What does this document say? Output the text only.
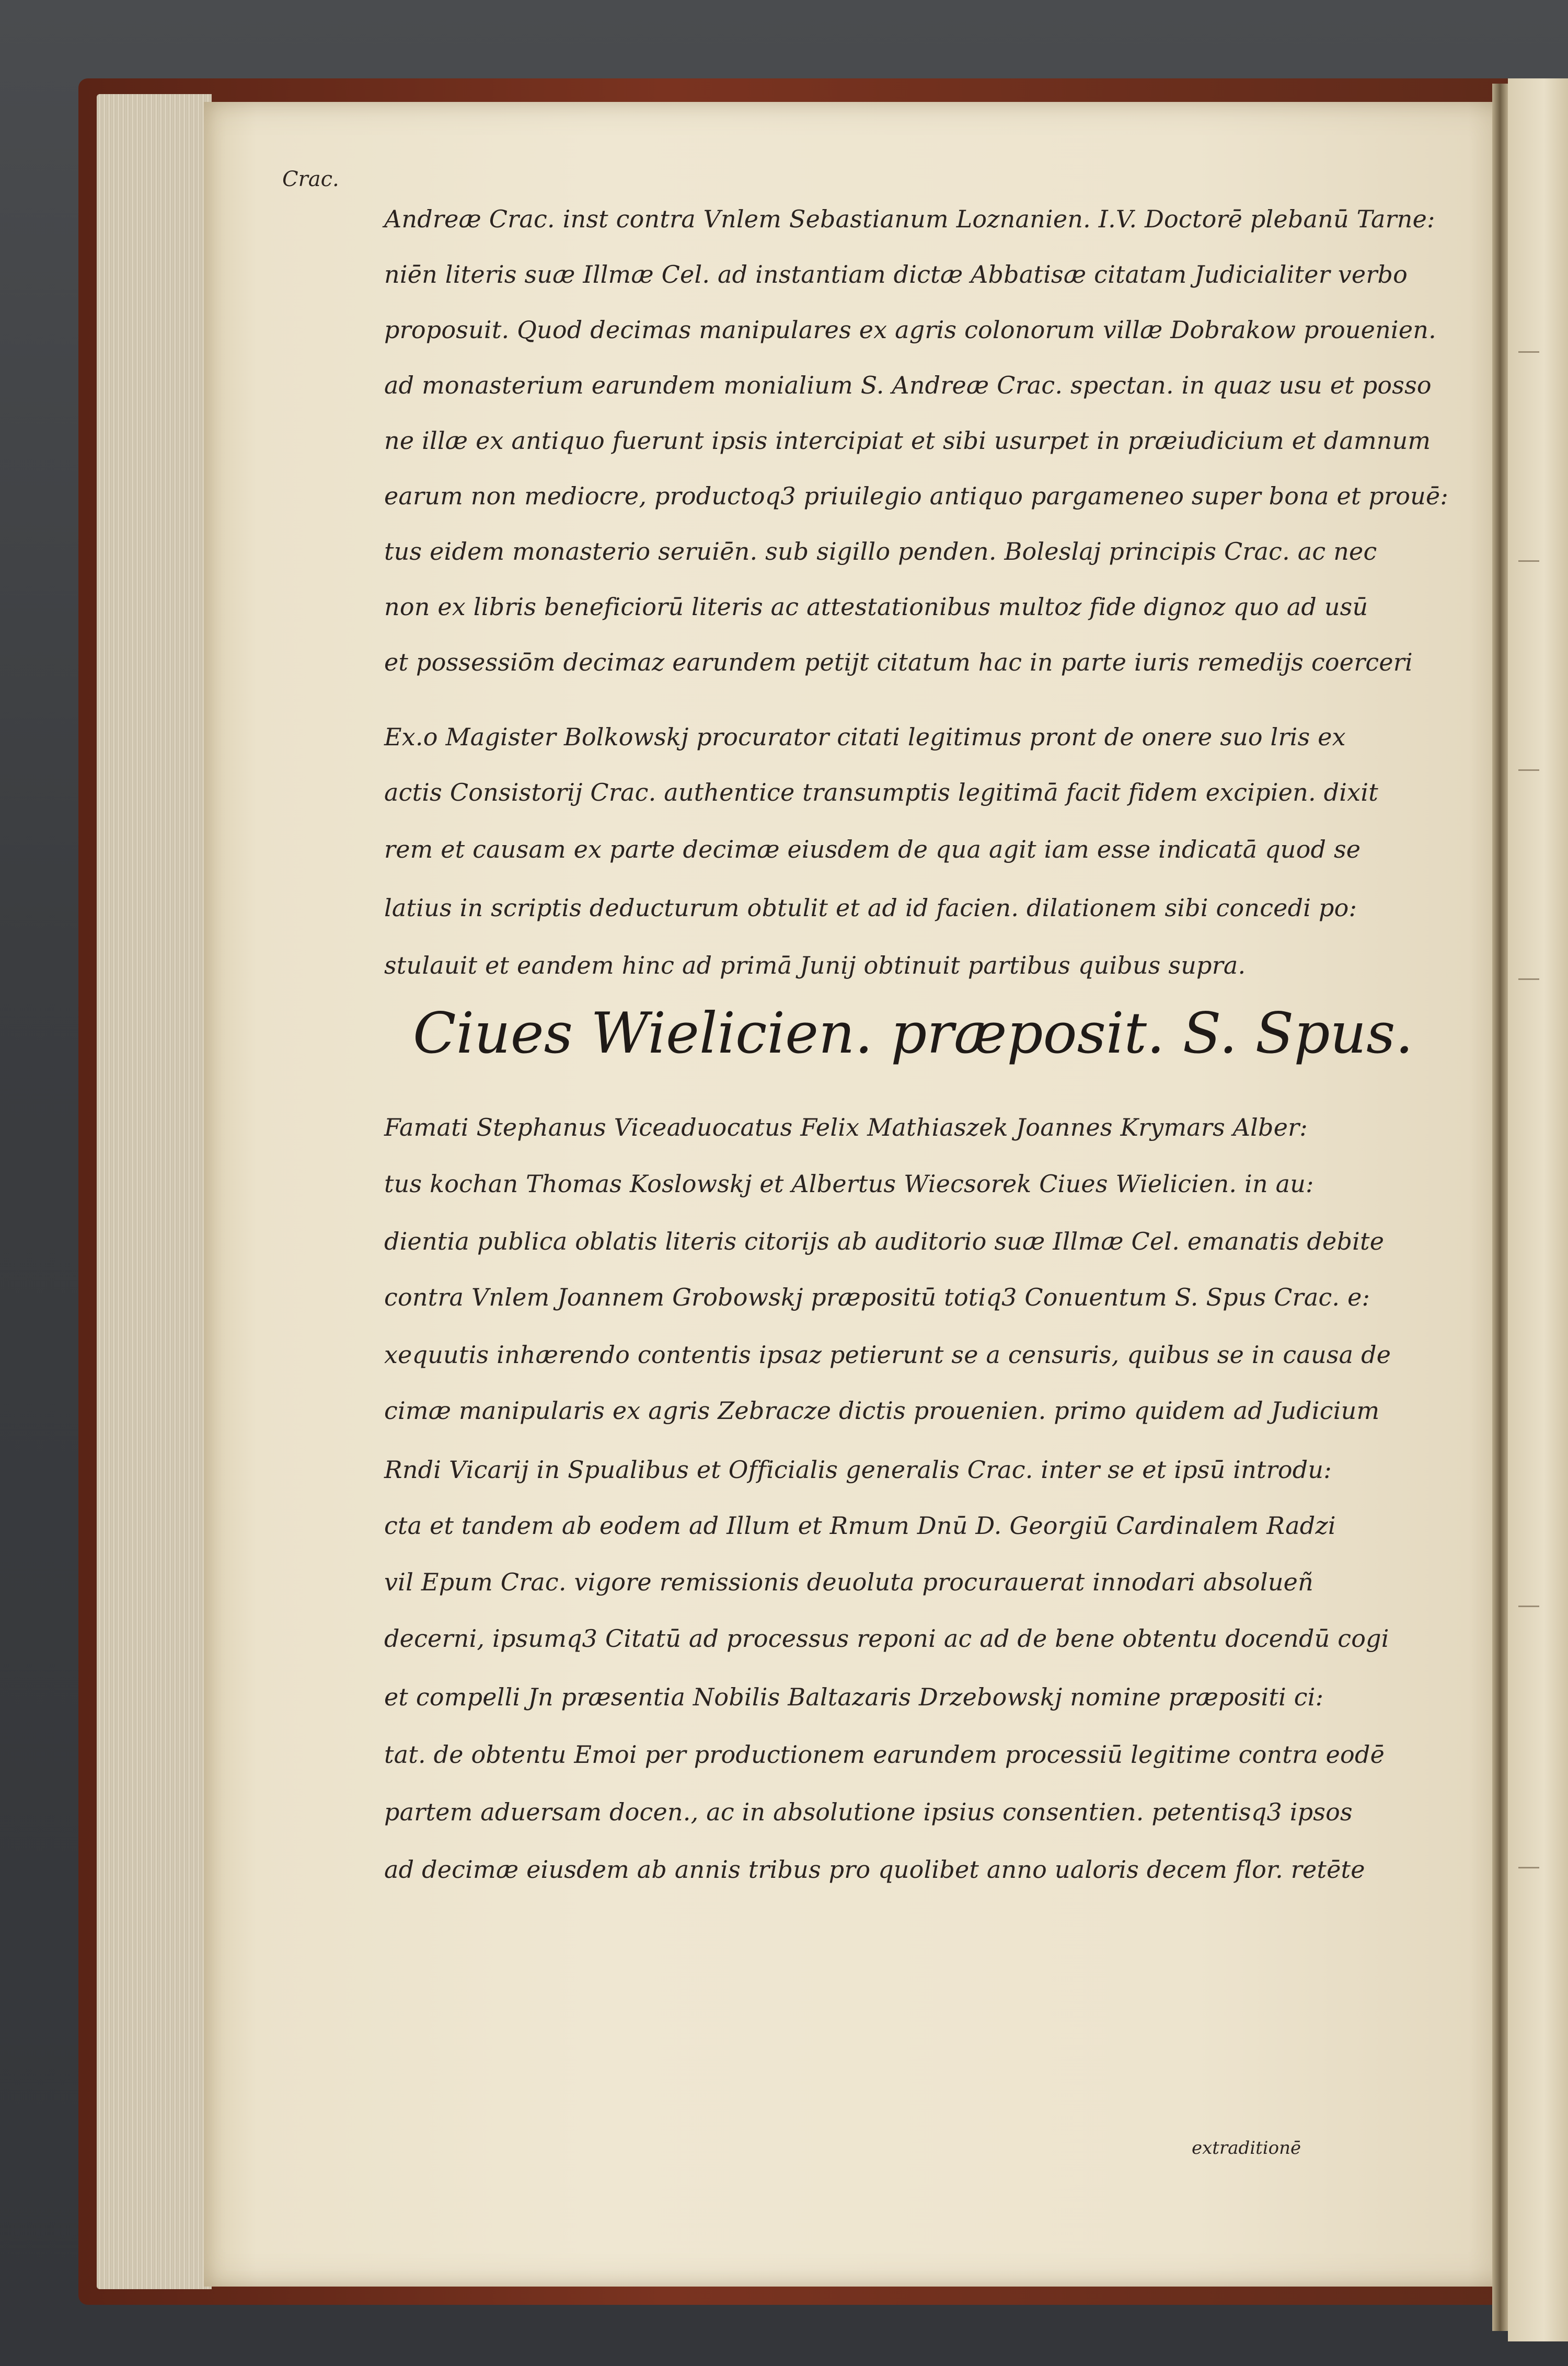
Crac.
Andreæ Crac. inst contra Vnlem Sebastianum Loznanien. I.V. Doctorē plebanū Tarne:
niēn literis suæ Illmæ Cel. ad instantiam dictæ Abbatisæ citatam Judicialiter verbo
proposuit. Quod decimas manipulares ex agris colonorum villæ Dobrakow prouenien.
ad monasterium earundem monialium S. Andreæ Crac. spectan. in quaz usu et posso
ne illæ ex antiquo fuerunt ipsis intercipiat et sibi usurpet in præiudicium et damnum
earum non mediocre, productoq3 priuilegio antiquo pargameneo super bona et prouē:
tus eidem monasterio seruiēn. sub sigillo penden. Boleslaj principis Crac. ac nec
non ex libris beneficiorū literis ac attestationibus multoz fide dignoz quo ad usū
et possessiōm decimaz earundem petijt citatum hac in parte iuris remedijs coerceri
Ex.o Magister Bolkowskj procurator citati legitimus pront de onere suo lris ex
actis Consistorij Crac. authentice transumptis legitimā facit fidem excipien. dixit
rem et causam ex parte decimæ eiusdem de qua agit iam esse indicatā quod se
latius in scriptis deducturum obtulit et ad id facien. dilationem sibi concedi po:
stulauit et eandem hinc ad primā Junij obtinuit partibus quibus supra.
Ciues Wielicien. præposit. S. Spus.
Famati Stephanus Viceaduocatus Felix Mathiaszek Joannes Krymars Alber:
tus kochan Thomas Koslowskj et Albertus Wiecsorek Ciues Wielicien. in au:
dientia publica oblatis literis citorijs ab auditorio suæ Illmæ Cel. emanatis debite
contra Vnlem Joannem Grobowskj præpositū totiq3 Conuentum S. Spus Crac. e:
xequutis inhærendo contentis ipsaz petierunt se a censuris, quibus se in causa de
cimæ manipularis ex agris Zebracze dictis prouenien. primo quidem ad Judicium
Rndi Vicarij in Spualibus et Officialis generalis Crac. inter se et ipsū introdu:
cta et tandem ab eodem ad Illum et Rmum Dnū D. Georgiū Cardinalem Radzi
vil Epum Crac. vigore remissionis deuoluta procurauerat innodari absolueñ
decerni, ipsumq3 Citatū ad processus reponi ac ad de bene obtentu docendū cogi
et compelli Jn præsentia Nobilis Baltazaris Drzebowskj nomine præpositi ci:
tat. de obtentu Emoi per productionem earundem processiū legitime contra eodē
partem aduersam docen., ac in absolutione ipsius consentien. petentisq3 ipsos
ad decimæ eiusdem ab annis tribus pro quolibet anno ualoris decem flor. retēte
extraditionē
